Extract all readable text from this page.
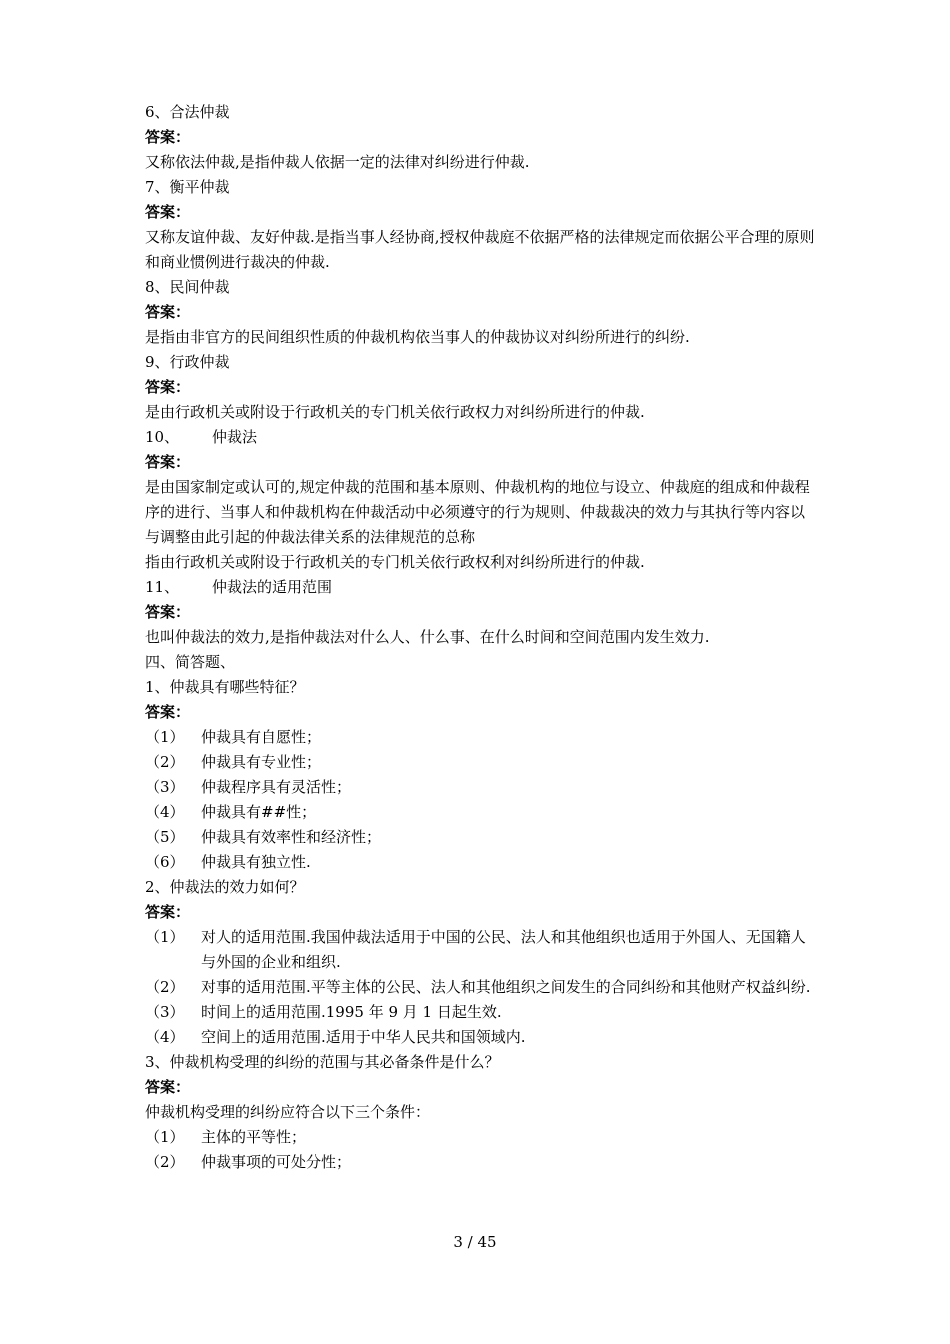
6、合法仲裁
答案：
又称依法仲裁,是指仲裁人依据一定的法律对纠纷进行仲裁.
7、衡平仲裁
答案：
又称友谊仲裁、友好仲裁.是指当事人经协商,授权仲裁庭不依据严格的法律规定而依据公平合理的原则和商业惯例进行裁决的仲裁.
8、民间仲裁
答案：
是指由非官方的民间组织性质的仲裁机构依当事人的仲裁协议对纠纷所进行的纠纷.
9、行政仲裁
答案：
是由行政机关或附设于行政机关的专门机关依行政权力对纠纷所进行的仲裁.
10、 仲裁法
答案：
是由国家制定或认可的,规定仲裁的范围和基本原则、仲裁机构的地位与设立、仲裁庭的组成和仲裁程序的进行、当事人和仲裁机构在仲裁活动中必须遵守的行为规则、仲裁裁决的效力与其执行等内容以与调整由此引起的仲裁法律关系的法律规范的总称
指由行政机关或附设于行政机关的专门机关依行政权利对纠纷所进行的仲裁.
11、 仲裁法的适用范围
答案：
也叫仲裁法的效力,是指仲裁法对什么人、什么事、在什么时间和空间范围内发生效力.
四、简答题、
1、仲裁具有哪些特征？
答案：
（1）	仲裁具有自愿性；
（2）	仲裁具有专业性；
（3）	仲裁程序具有灵活性；
（4）	仲裁具有##性；
（5）	仲裁具有效率性和经济性；
（6）	仲裁具有独立性.
2、仲裁法的效力如何？
答案：
（1）	对人的适用范围.我国仲裁法适用于中国的公民、法人和其他组织也适用于外国人、无国籍人与外国的企业和组织.
（2）	对事的适用范围.平等主体的公民、法人和其他组织之间发生的合同纠纷和其他财产权益纠纷.
（3）	时间上的适用范围.1995 年 9 月 1 日起生效.
（4）	空间上的适用范围.适用于中华人民共和国领域内.
3、仲裁机构受理的纠纷的范围与其必备条件是什么？
答案：
仲裁机构受理的纠纷应符合以下三个条件：
（1）	主体的平等性；
（2）	仲裁事项的可处分性；
3 / 45
